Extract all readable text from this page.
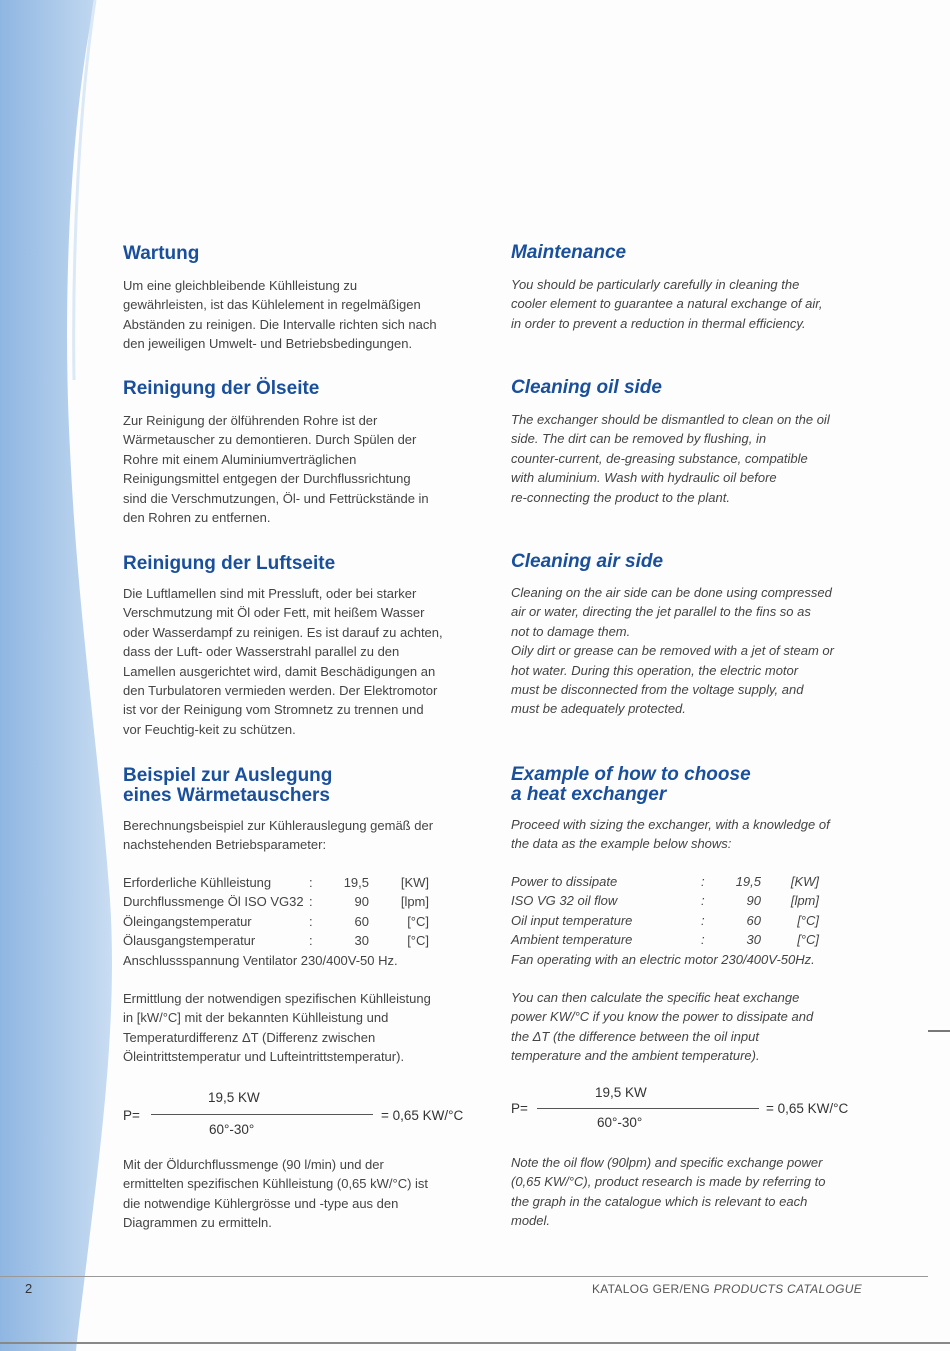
Wartung

Um eine gleichbleibende Kühlleistung zu
gewährleisten, ist das Kühlelement in regelmäßigen
Abständen zu reinigen. Die Intervalle richten sich nach
den jeweiligen Umwelt- und Betriebsbedingungen.

Reinigung der Ölseite

Zur Reinigung der ölführenden Rohre ist der
Wärmetauscher zu demontieren. Durch Spülen der
Rohre mit einem Aluminiumverträglichen
Reinigungsmittel entgegen der Durchflussrichtung
sind die Verschmutzungen, Öl- und Fettrückstände in
den Rohren zu entfernen.

Reinigung der Luftseite

Die Luftlamellen sind mit Pressluft, oder bei starker
Verschmutzung mit Öl oder Fett, mit heißem Wasser
oder Wasserdampf zu reinigen. Es ist darauf zu achten,
dass der Luft- oder Wasserstrahl parallel zu den
Lamellen ausgerichtet wird, damit Beschädigungen an
den Turbulatoren vermieden werden. Der Elektromotor
ist vor der Reinigung vom Stromnetz zu trennen und
vor Feuchtig-keit zu schützen.

Beispiel zur Auslegung
eines Wärmetauschers

Berechnungsbeispiel zur Kühlerauslegung gemäß der
nachstehenden Betriebsparameter:

Erforderliche Kühlleistung	:	19,5	[KW]
Durchflussmenge Öl ISO VG32	:	90	[lpm]
Öleingangstemperatur	:	60	[°C]
Ölausgangstemperatur	:	30	[°C]
Anschlussspannung Ventilator 230/400V-50 Hz.			

Ermittlung der notwendigen spezifischen Kühlleistung
in [kW/°C] mit der bekannten Kühlleistung und
Temperaturdifferenz ΔT (Differenz zwischen
Öleintrittstemperatur und Lufteintrittstemperatur).

P=
19,5 KW
60°-30°
= 0,65 KW/°C

Mit der Öldurchflussmenge (90 l/min) und der
ermittelten spezifischen Kühlleistung (0,65 kW/°C) ist
die notwendige Kühlergrösse und -type aus den
Diagrammen zu ermitteln.

Maintenance

You should be particularly carefully in cleaning the
cooler element to guarantee a natural exchange of air,
in order to prevent a reduction in thermal efficiency.

Cleaning oil side

The exchanger should be dismantled to clean on the oil
side. The dirt can be removed by flushing, in
counter-current, de-greasing substance, compatible
with aluminium. Wash with hydraulic oil before
re-connecting the product to the plant.

Cleaning air side

Cleaning on the air side can be done using compressed
air or water, directing the jet parallel to the fins so as
not to damage them.
Oily dirt or grease can be removed with a jet of steam or
hot water. During this operation, the electric motor
must be disconnected from the voltage supply, and
must be adequately protected.

Example of how to choose
a heat exchanger

Proceed with sizing the exchanger, with a knowledge of
the data as the example below shows:

Power to dissipate	:	19,5	[KW]
ISO VG 32 oil flow	:	90	[lpm]
Oil input temperature	:	60	[°C]
Ambient temperature	:	30	[°C]
Fan operating with an electric motor 230/400V-50Hz.			

You can then calculate the specific heat exchange
power KW/°C if you know the power to dissipate and
the ΔT (the difference between the oil input
temperature and the ambient temperature).

P=
19,5 KW
60°-30°
= 0,65 KW/°C

Note the oil flow (90lpm) and specific exchange power
(0,65 KW/°C), product research is made by referring to
the graph in the catalogue which is relevant to each
model.

2	KATALOG GER/ENG PRODUCTS CATALOGUE
